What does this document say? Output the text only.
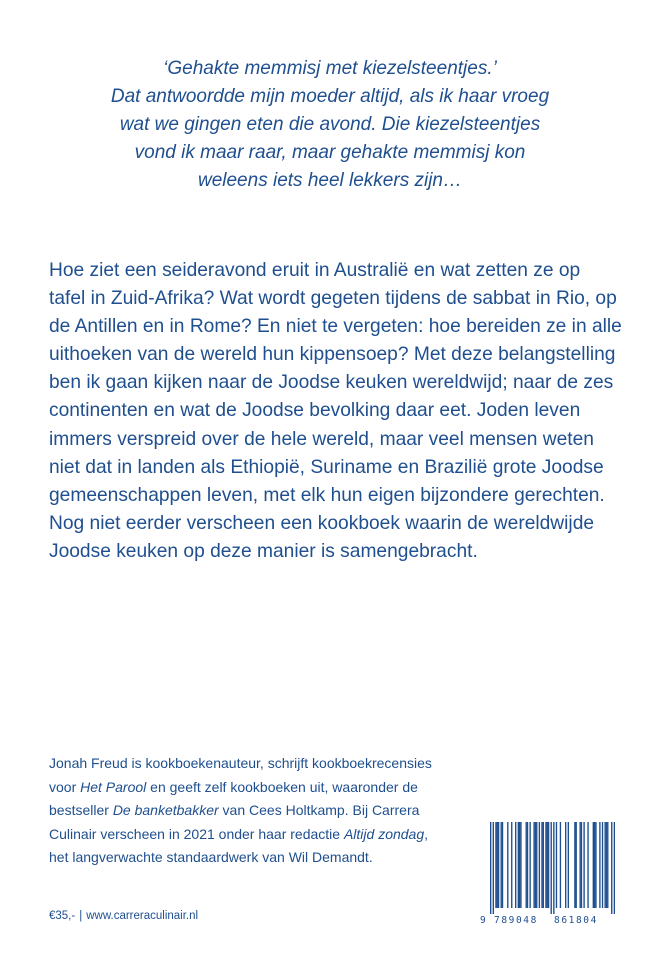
‘Gehakte memmisj met kiezelsteentjes.’
Dat antwoordde mijn moeder altijd, als ik haar vroeg
wat we gingen eten die avond. Die kiezelsteentjes
vond ik maar raar, maar gehakte memmisj kon
weleens iets heel lekkers zijn…
Hoe ziet een seideravond eruit in Australië en wat zetten ze op
tafel in Zuid-Afrika? Wat wordt gegeten tijdens de sabbat in Rio, op
de Antillen en in Rome? En niet te vergeten: hoe bereiden ze in alle
uithoeken van de wereld hun kippensoep? Met deze belangstelling
ben ik gaan kijken naar de Joodse keuken wereldwijd; naar de zes
continenten en wat de Joodse bevolking daar eet. Joden leven
immers verspreid over de hele wereld, maar veel mensen weten
niet dat in landen als Ethiopië, Suriname en Brazilië grote Joodse
gemeenschappen leven, met elk hun eigen bijzondere gerechten.
Nog niet eerder verscheen een kookboek waarin de wereldwijde
Joodse keuken op deze manier is samengebracht.
Jonah Freud is kookboekenauteur, schrijft kookboekrecensies
voor Het Parool en geeft zelf kookboeken uit, waaronder de
bestseller De banketbakker van Cees Holtkamp. Bij Carrera
Culinair verscheen in 2021 onder haar redactie Altijd zondag,
het langverwachte standaardwerk van Wil Demandt.
€35,- | www.carreraculinair.nl	9 789048 861804
